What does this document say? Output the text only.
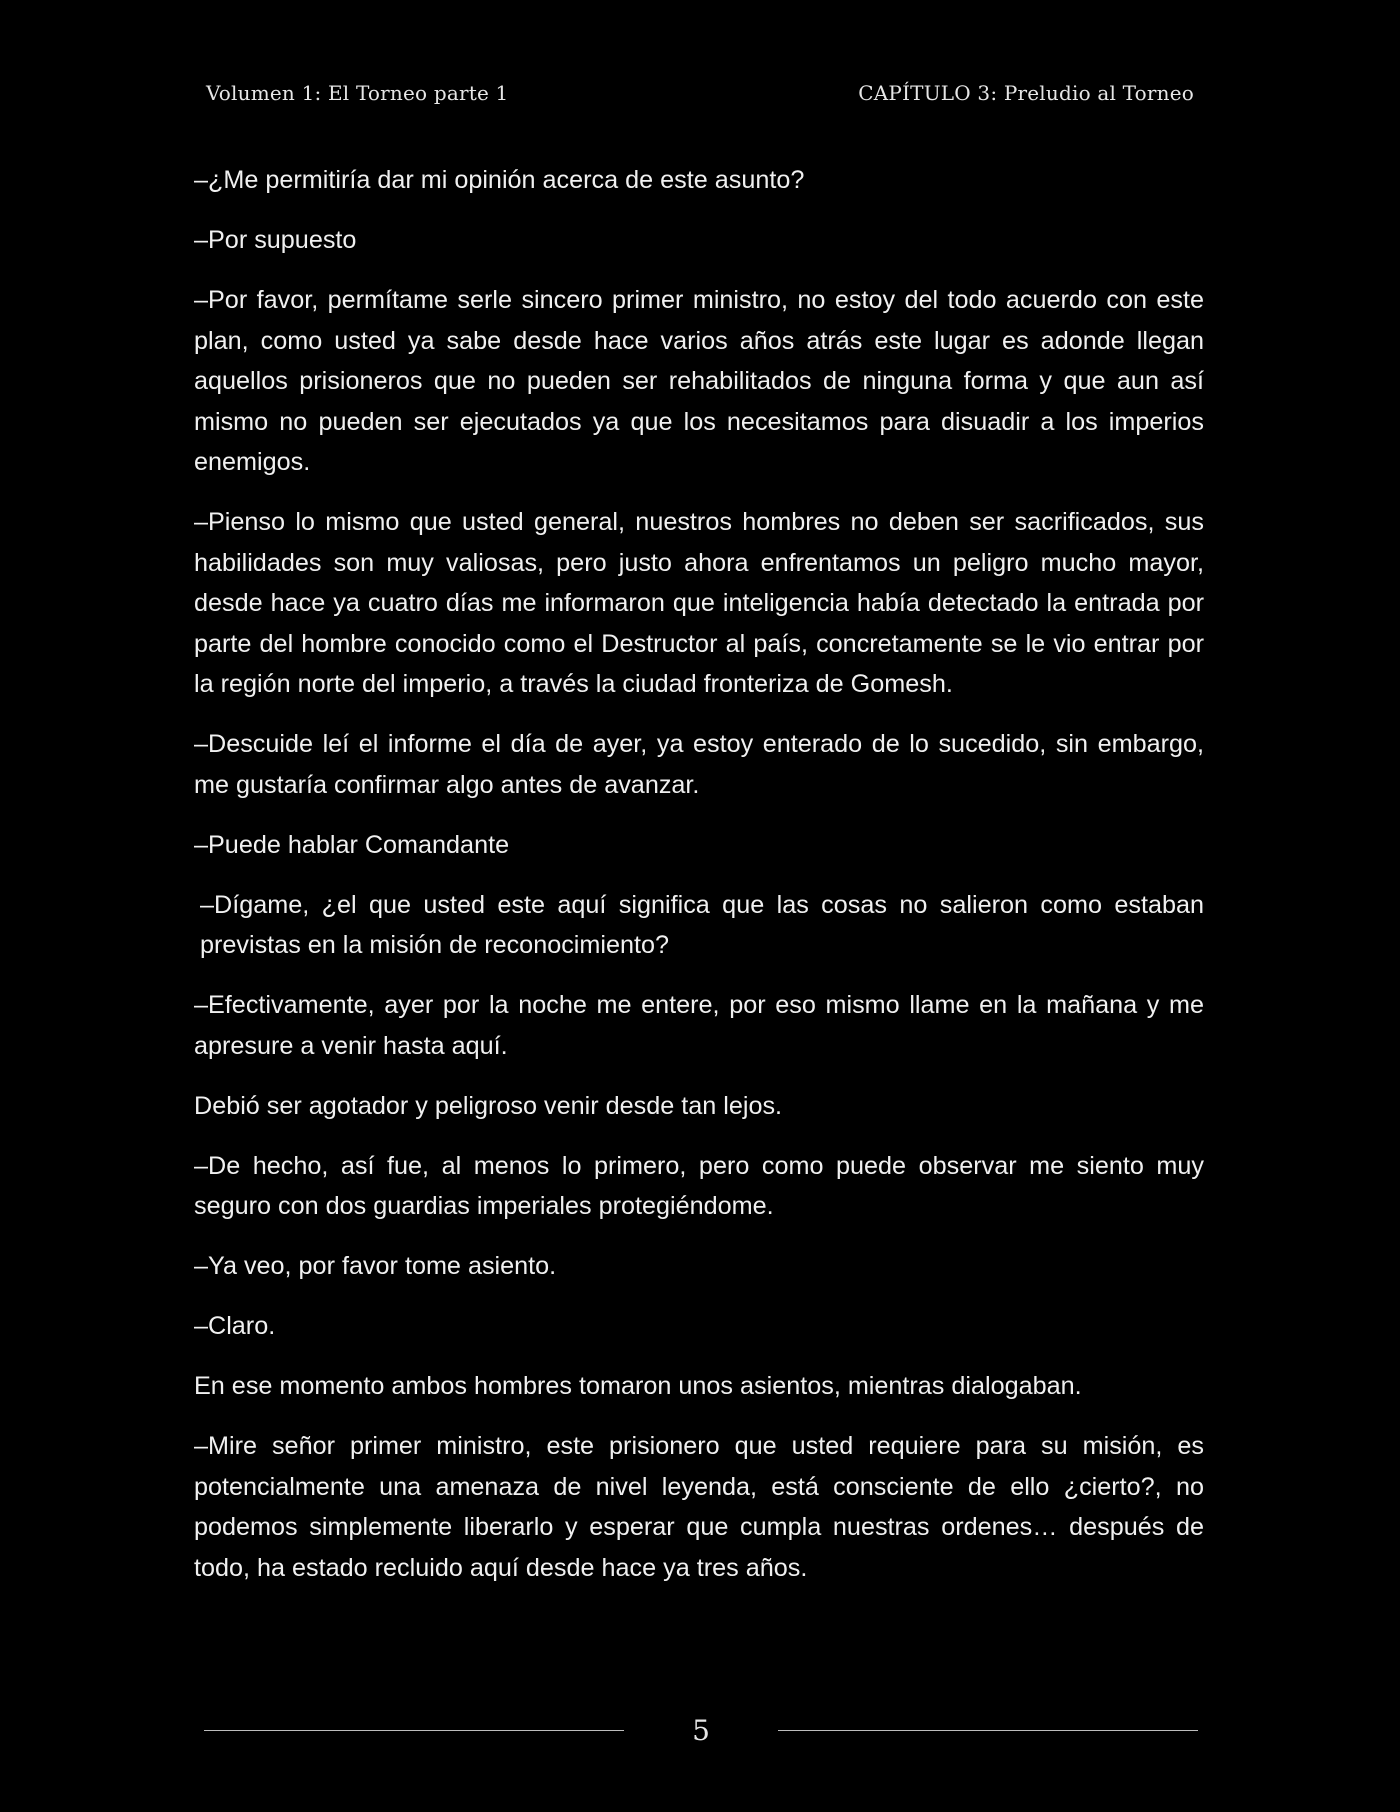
Volumen 1: El Torneo parte 1	CAPÍTULO 3: Preludio al Torneo

–¿Me permitiría dar mi opinión acerca de este asunto?

–Por supuesto

–Por favor, permítame serle sincero primer ministro, no estoy del todo acuerdo con este plan, como usted ya sabe desde hace varios años atrás este lugar es adonde llegan aquellos prisioneros que no pueden ser rehabilitados de ninguna forma y que aun así mismo no pueden ser ejecutados ya que los necesitamos para disuadir a los imperios enemigos.

–Pienso lo mismo que usted general, nuestros hombres no deben ser sacrificados, sus habilidades son muy valiosas, pero justo ahora enfrentamos un peligro mucho mayor, desde hace ya cuatro días me informaron que inteligencia había detectado la entrada por parte del hombre conocido como el Destructor al país, concretamente se le vio entrar por la región norte del imperio, a través la ciudad fronteriza de Gomesh.

–Descuide leí el informe el día de ayer, ya estoy enterado de lo sucedido, sin embargo, me gustaría confirmar algo antes de avanzar.

–Puede hablar Comandante

–Dígame, ¿el que usted este aquí significa que las cosas no salieron como estaban previstas en la misión de reconocimiento?

–Efectivamente, ayer por la noche me entere, por eso mismo llame en la mañana y me apresure a venir hasta aquí.

Debió ser agotador y peligroso venir desde tan lejos.

–De hecho, así fue, al menos lo primero, pero como puede observar me siento muy seguro con dos guardias imperiales protegiéndome.

–Ya veo, por favor tome asiento.

–Claro.

En ese momento ambos hombres tomaron unos asientos, mientras dialogaban.

–Mire señor primer ministro, este prisionero que usted requiere para su misión, es potencialmente una amenaza de nivel leyenda, está consciente de ello ¿cierto?, no podemos simplemente liberarlo y esperar que cumpla nuestras ordenes… después de todo, ha estado recluido aquí desde hace ya tres años.

5
